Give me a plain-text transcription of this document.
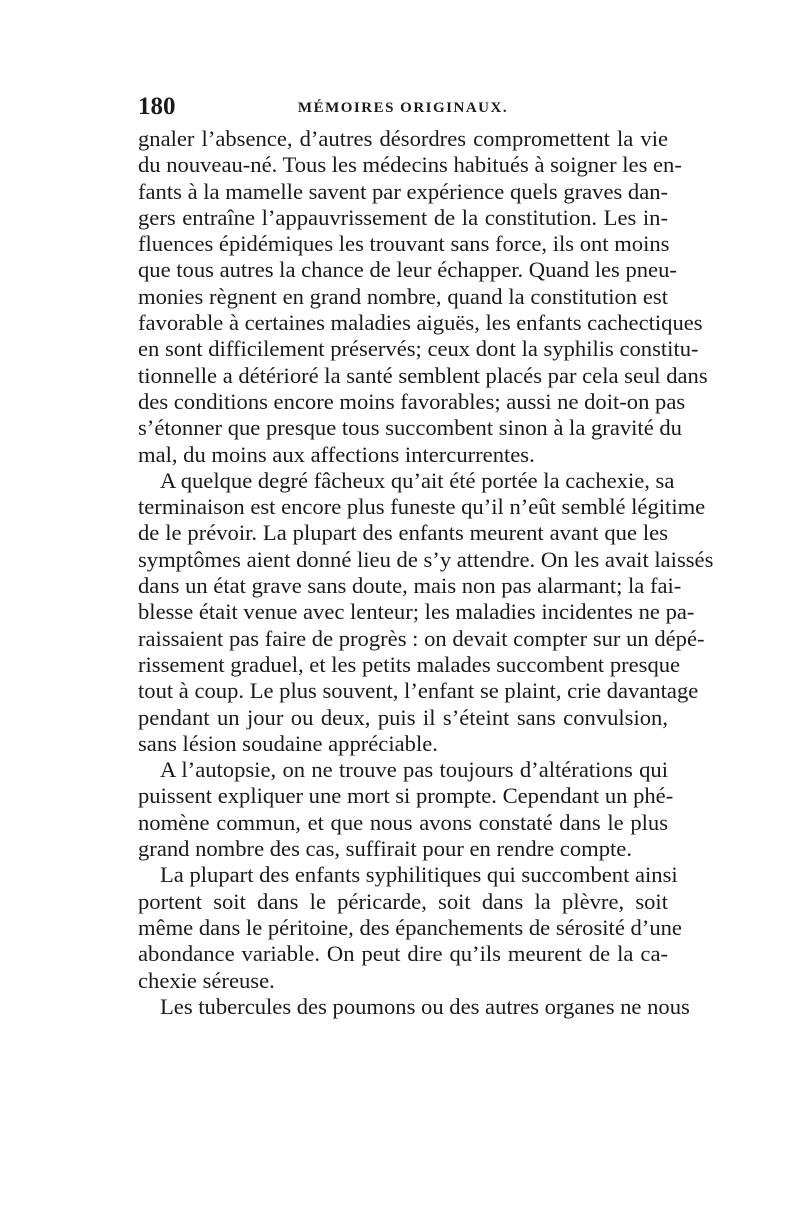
180	MÉMOIRES ORIGINAUX.
gnaler l’absence, d’autres désordres compromettent la vie
du nouveau-né. Tous les médecins habitués à soigner les en-
fants à la mamelle savent par expérience quels graves dan-
gers entraîne l’appauvrissement de la constitution. Les in-
fluences épidémiques les trouvant sans force, ils ont moins
que tous autres la chance de leur échapper. Quand les pneu-
monies règnent en grand nombre, quand la constitution est
favorable à certaines maladies aiguës, les enfants cachectiques
en sont difficilement préservés; ceux dont la syphilis constitu-
tionnelle a détérioré la santé semblent placés par cela seul dans
des conditions encore moins favorables; aussi ne doit-on pas
s’étonner que presque tous succombent sinon à la gravité du
mal, du moins aux affections intercurrentes.
A quelque degré fâcheux qu’ait été portée la cachexie, sa
terminaison est encore plus funeste qu’il n’eût semblé légitime
de le prévoir. La plupart des enfants meurent avant que les
symptômes aient donné lieu de s’y attendre. On les avait laissés
dans un état grave sans doute, mais non pas alarmant; la fai-
blesse était venue avec lenteur; les maladies incidentes ne pa-
raissaient pas faire de progrès : on devait compter sur un dépé-
rissement graduel, et les petits malades succombent presque
tout à coup. Le plus souvent, l’enfant se plaint, crie davantage
pendant un jour ou deux, puis il s’éteint sans convulsion,
sans lésion soudaine appréciable.
A l’autopsie, on ne trouve pas toujours d’altérations qui
puissent expliquer une mort si prompte. Cependant un phé-
nomène commun, et que nous avons constaté dans le plus
grand nombre des cas, suffirait pour en rendre compte.
La plupart des enfants syphilitiques qui succombent ainsi
portent soit dans le péricarde, soit dans la plèvre, soit
même dans le péritoine, des épanchements de sérosité d’une
abondance variable. On peut dire qu’ils meurent de la ca-
chexie séreuse.
Les tubercules des poumons ou des autres organes ne nous
